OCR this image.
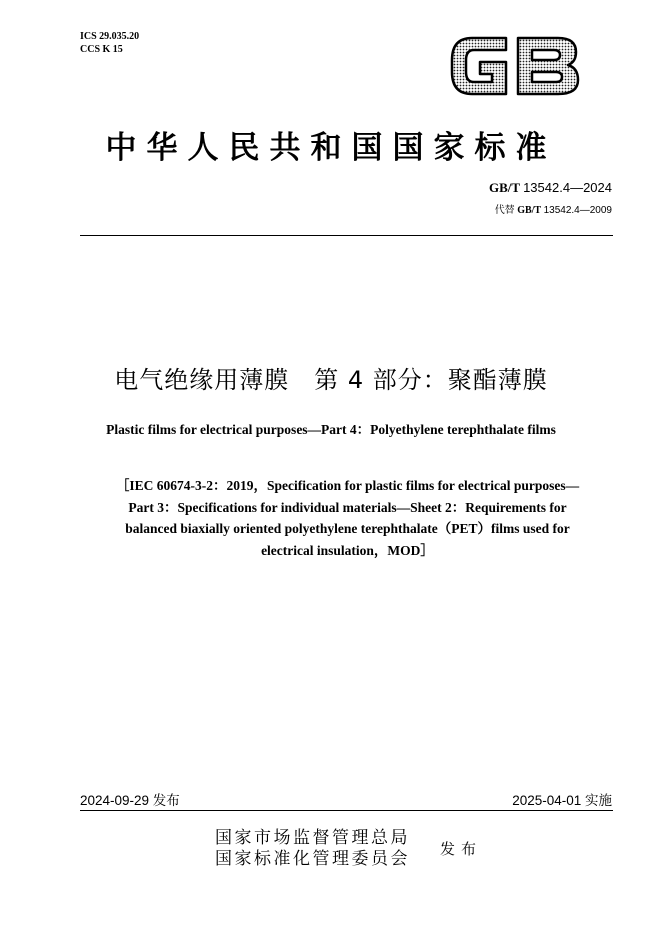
ICS 29.035.20
CCS K 15
中华人民共和国国家标准
GB/T 13542.4—2024
代替 GB/T 13542.4—2009
电气绝缘用薄膜　第 4 部分：聚酯薄膜
Plastic films for electrical purposes—Part 4：Polyethylene terephthalate films
［IEC 60674-3-2：2019，Specification for plastic films for electrical purposes—
Part 3：Specifications for individual materials—Sheet 2：Requirements for
balanced biaxially oriented polyethylene terephthalate（PET）films used for
electrical insulation，MOD］
2024-09-29 发布	2025-04-01 实施
国家市场监督管理总局
国家标准化管理委员会 发布
